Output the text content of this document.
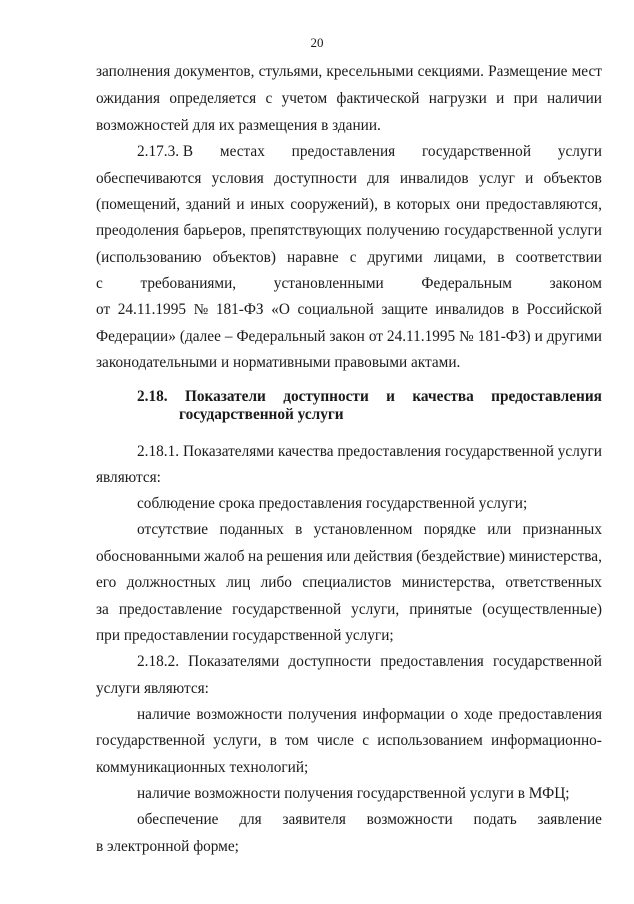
20
заполнения документов, стульями, кресельными секциями. Размещение мест
ожидания определяется с учетом фактической нагрузки и при наличии
возможностей для их размещения в здании.
2.17.3. В местах предоставления государственной услуги
обеспечиваются условия доступности для инвалидов услуг и объектов
(помещений, зданий и иных сооружений), в которых они предоставляются,
преодоления барьеров, препятствующих получению государственной услуги
(использованию объектов) наравне с другими лицами, в соответствии
с требованиями, установленными Федеральным законом
от 24.11.1995 № 181-ФЗ «О социальной защите инвалидов в Российской
Федерации» (далее – Федеральный закон от 24.11.1995 № 181-ФЗ) и другими
законодательными и нормативными правовыми актами.
2.18. Показатели доступности и качества предоставления
государственной услуги
2.18.1. Показателями качества предоставления государственной услуги
являются:
соблюдение срока предоставления государственной услуги;
отсутствие поданных в установленном порядке или признанных
обоснованными жалоб на решения или действия (бездействие) министерства,
его должностных лиц либо специалистов министерства, ответственных
за предоставление государственной услуги, принятые (осуществленные)
при предоставлении государственной услуги;
2.18.2. Показателями доступности предоставления государственной
услуги являются:
наличие возможности получения информации о ходе предоставления
государственной услуги, в том числе с использованием информационно-
коммуникационных технологий;
наличие возможности получения государственной услуги в МФЦ;
обеспечение для заявителя возможности подать заявление
в электронной форме;
